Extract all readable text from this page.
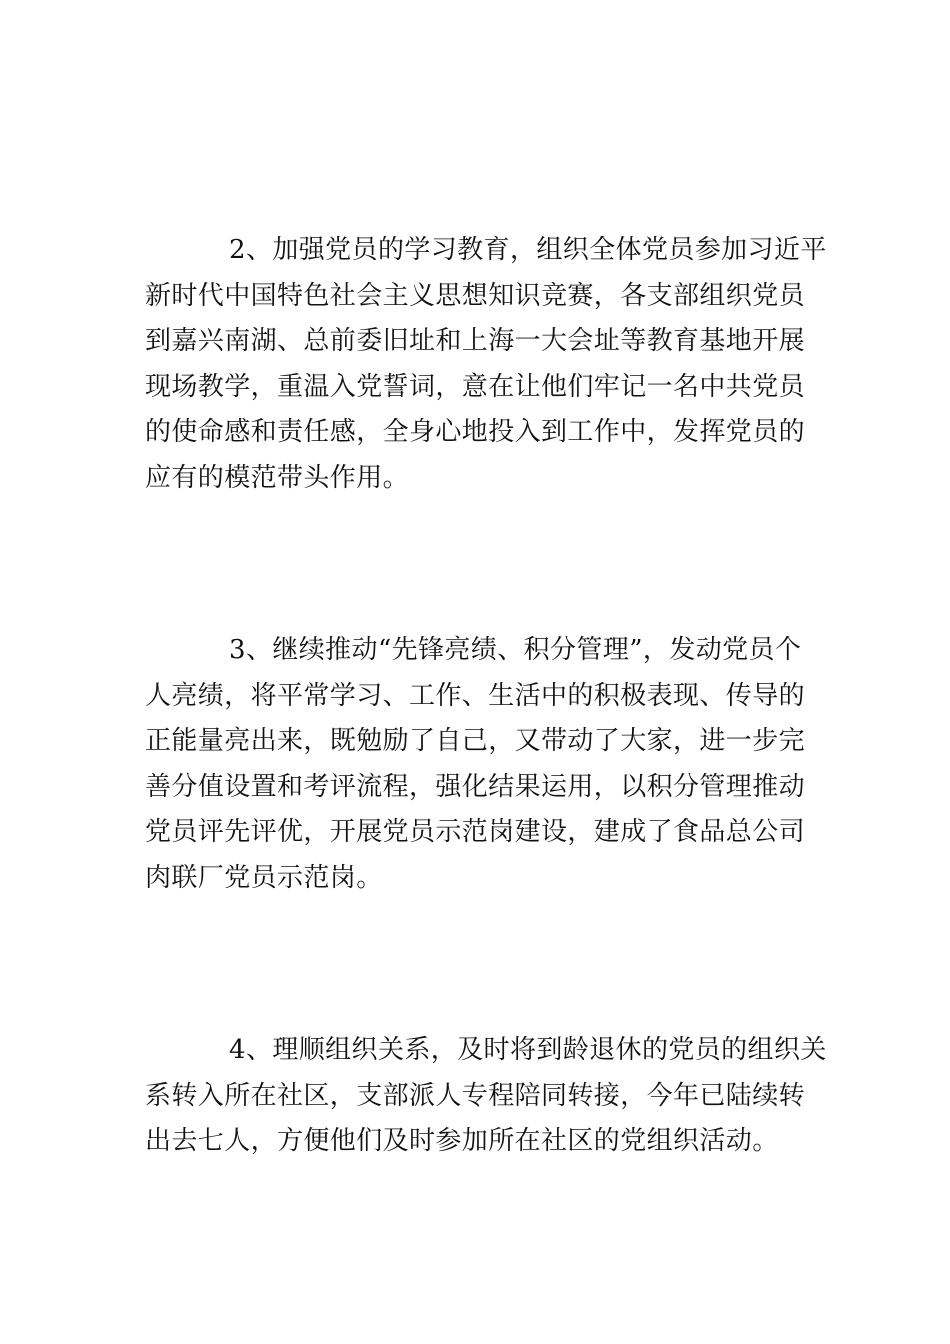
2、加强党员的学习教育，组织全体党员参加习近平
新时代中国特色社会主义思想知识竞赛，各支部组织党员
到嘉兴南湖、总前委旧址和上海一大会址等教育基地开展
现场教学，重温入党誓词，意在让他们牢记一名中共党员
的使命感和责任感，全身心地投入到工作中，发挥党员的
应有的模范带头作用。
3、继续推动“先锋亮绩、积分管理”，发动党员个
人亮绩，将平常学习、工作、生活中的积极表现、传导的
正能量亮出来，既勉励了自己，又带动了大家，进一步完
善分值设置和考评流程，强化结果运用，以积分管理推动
党员评先评优，开展党员示范岗建设，建成了食品总公司
肉联厂党员示范岗。
4、理顺组织关系，及时将到龄退休的党员的组织关
系转入所在社区，支部派人专程陪同转接，今年已陆续转
出去七人，方便他们及时参加所在社区的党组织活动。
